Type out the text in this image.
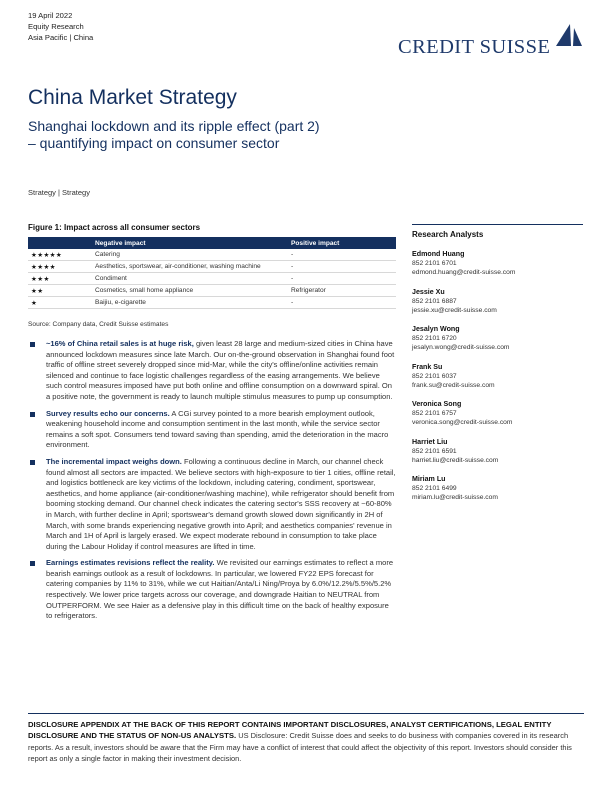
19 April 2022
Equity Research
Asia Pacific | China	CREDIT SUISSE
China Market Strategy
Shanghai lockdown and its ripple effect (part 2)
– quantifying impact on consumer sector
Strategy | Strategy
Figure 1: Impact across all consumer sectors
	Negative impact	Positive impact
★★★★★	Catering	-
★★★★	Aesthetics, sportswear, air-conditioner, washing machine	-
★★★	Condiment	-
★★	Cosmetics, small home appliance	Refrigerator
★	Baijiu, e-cigarette	-
Source: Company data, Credit Suisse estimates
~16% of China retail sales is at huge risk, given least 28 large and medium-sized cities in China have announced lockdown measures since late March. Our on-the-ground observation in Shanghai found foot traffic of offline street severely dropped since mid-Mar, while the city's offline/online activities remain silenced and continue to face logistic challenges regardless of the easing arrangements. We believe such control measures imposed have put both online and offline consumption on a downward spiral. On a positive note, the government is ready to launch multiple stimulus measures to pump up consumption.
Survey results echo our concerns. A CGi survey pointed to a more bearish employment outlook, weakening household income and consumption sentiment in the last month, while the service sector remains a soft spot. Consumers tend toward saving than spending, amid the deterioration in the macro environment.
The incremental impact weighs down. Following a continuous decline in March, our channel check found almost all sectors are impacted. We believe sectors with high-exposure to tier 1 cities, offline retail, and logistics bottleneck are key victims of the lockdown, including catering, condiment, sportswear, aesthetics, and home appliance (air-conditioner/washing machine), while refrigerator should benefit from booming stocking demand. Our channel check indicates the catering sector's SSS recovery at ~60-80% in March, with further decline in April; sportswear's demand growth slowed down significantly in 2H of March, with some brands experiencing negative growth into April; and aesthetics companies' revenue in March and 1H of April is largely erased. We expect moderate rebound in consumption to take place during the Labour Holiday if control measures are lifted in time.
Earnings estimates revisions reflect the reality. We revisited our earnings estimates to reflect a more bearish earnings outlook as a result of lockdowns. In particular, we lowered FY22 EPS forecast for catering companies by 11% to 31%, while we cut Haitian/Anta/Li Ning/Proya by 6.0%/12.2%/5.5%/5.2% respectively. We lower price targets across our coverage, and downgrade Haitian to NEUTRAL from OUTPERFORM. We see Haier as a defensive play in this difficult time on the back of healthy exposure to refrigerators.
Research Analysts
Edmond Huang
852 2101 6701
edmond.huang@credit-suisse.com
Jessie Xu
852 2101 6887
jessie.xu@credit-suisse.com
Jesalyn Wong
852 2101 6720
jesalyn.wong@credit-suisse.com
Frank Su
852 2101 6037
frank.su@credit-suisse.com
Veronica Song
852 2101 6757
veronica.song@credit-suisse.com
Harriet Liu
852 2101 6591
harriet.liu@credit-suisse.com
Miriam Lu
852 2101 6499
miriam.lu@credit-suisse.com
DISCLOSURE APPENDIX AT THE BACK OF THIS REPORT CONTAINS IMPORTANT DISCLOSURES, ANALYST CERTIFICATIONS, LEGAL ENTITY DISCLOSURE AND THE STATUS OF NON-US ANALYSTS. US Disclosure: Credit Suisse does and seeks to do business with companies covered in its research reports. As a result, investors should be aware that the Firm may have a conflict of interest that could affect the objectivity of this report. Investors should consider this report as only a single factor in making their investment decision.
